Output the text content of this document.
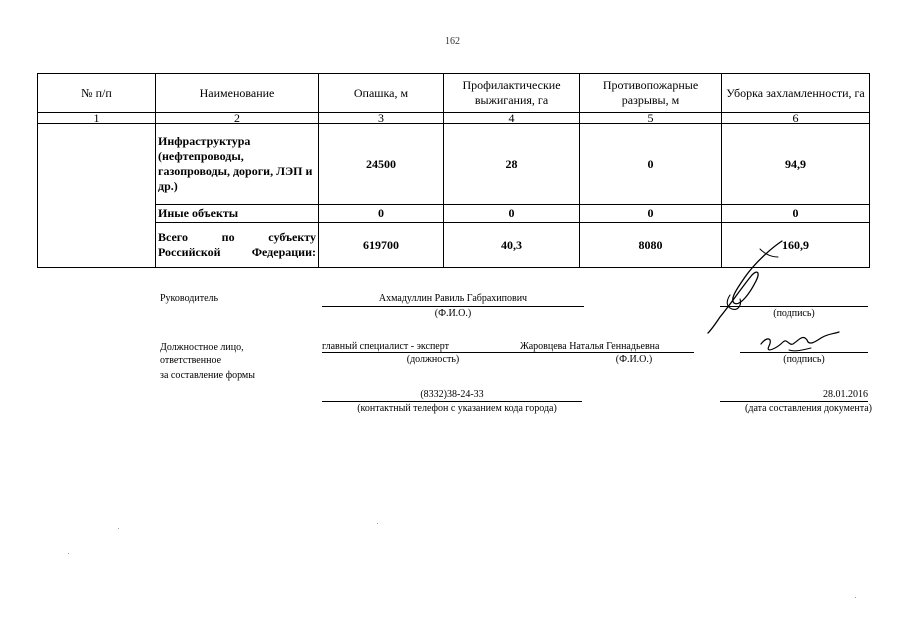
162
№ п/п	Наименование	Опашка, м	Профилактические выжигания, га	Противопожарные разрывы, м	Уборка захламленности, га
1	2	3	4	5	6
	Инфраструктура (нефтепроводы, газопроводы, дороги, ЛЭП и др.)	24500	28	0	94,9
	Иные объекты	0	0	0	0
	Всего по субъекту Российской Федерации:	619700	40,3	8080	160,9
Руководитель	Ахмадуллин Равиль Габрахипович
(Ф.И.О.)	(подпись)
Должностное лицо,
ответственное
за составление формы
главный специалист - эксперт
(должность)
Жаровцева Наталья Геннадьевна
(Ф.И.О.)	(подпись)
(8332)38-24-33
(контактный телефон с указанием кода города)
28.01.2016
(дата составления документа)
